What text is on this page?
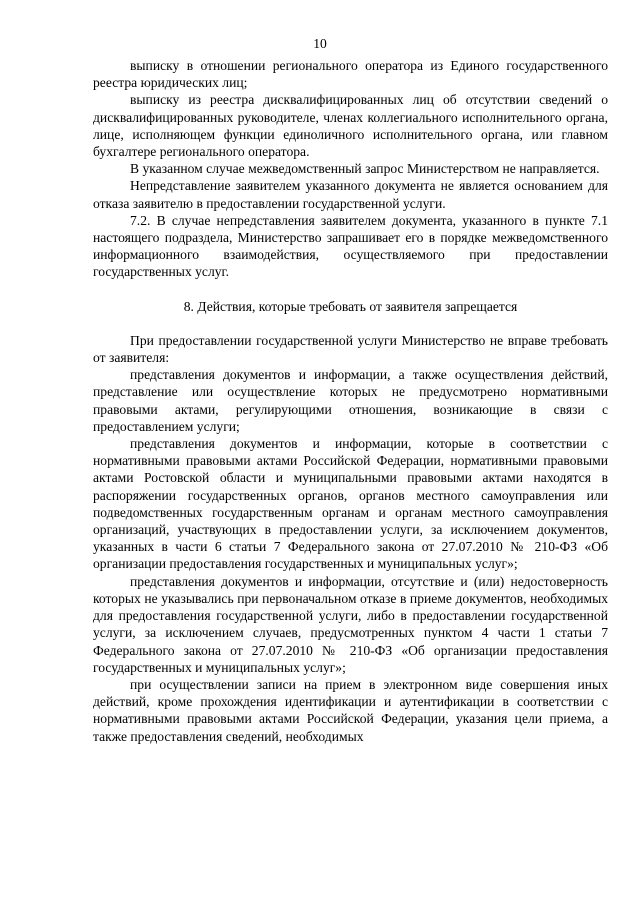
10

выписку в отношении регионального оператора из Единого государственного реестра юридических лиц;

выписку из реестра дисквалифицированных лиц об отсутствии сведений о дисквалифицированных руководителе, членах коллегиального исполнительного органа, лице, исполняющем функции единоличного исполнительного органа, или главном бухгалтере регионального оператора.

В указанном случае межведомственный запрос Министерством не направляется.

Непредставление заявителем указанного документа не является основанием для отказа заявителю в предоставлении государственной услуги.

7.2. В случае непредставления заявителем документа, указанного в пункте 7.1 настоящего подраздела, Министерство запрашивает его в порядке межведомственного информационного взаимодействия, осуществляемого при предоставлении государственных услуг.

8. Действия, которые требовать от заявителя запрещается

При предоставлении государственной услуги Министерство не вправе требовать от заявителя:

представления документов и информации, а также осуществления действий, представление или осуществление которых не предусмотрено нормативными правовыми актами, регулирующими отношения, возникающие в связи с предоставлением услуги;

представления документов и информации, которые в соответствии с нормативными правовыми актами Российской Федерации, нормативными правовыми актами Ростовской области и муниципальными правовыми актами находятся в распоряжении государственных органов, органов местного самоуправления или подведомственных государственным органам и органам местного самоуправления организаций, участвующих в предоставлении услуги, за исключением документов, указанных в части 6 статьи 7 Федерального закона от 27.07.2010 № 210-ФЗ «Об организации предоставления государственных и муниципальных услуг»;

представления документов и информации, отсутствие и (или) недостоверность которых не указывались при первоначальном отказе в приеме документов, необходимых для предоставления государственной услуги, либо в предоставлении государственной услуги, за исключением случаев, предусмотренных пунктом 4 части 1 статьи 7 Федерального закона от 27.07.2010 № 210-ФЗ «Об организации предоставления государственных и муниципальных услуг»;

при осуществлении записи на прием в электронном виде совершения иных действий, кроме прохождения идентификации и аутентификации в соответствии с нормативными правовыми актами Российской Федерации, указания цели приема, а также предоставления сведений, необходимых
